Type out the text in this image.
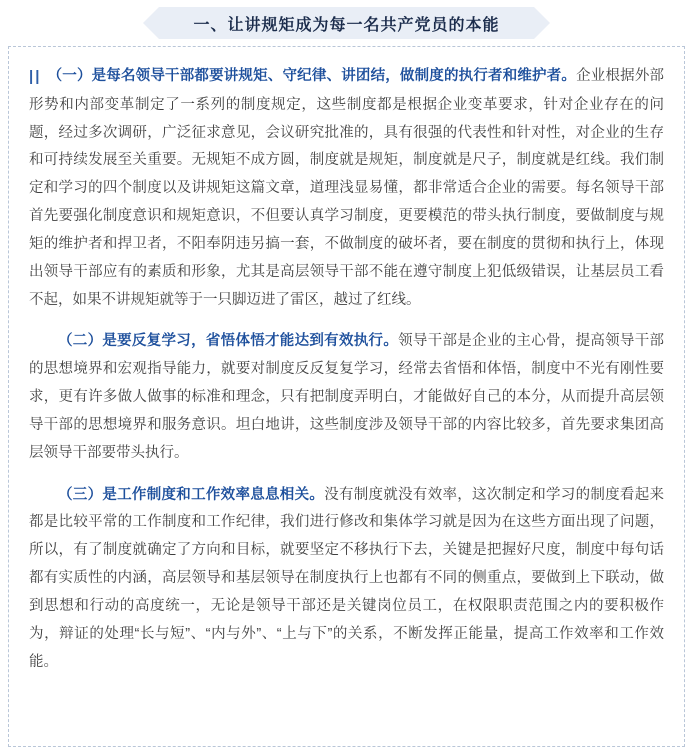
一、让讲规矩成为每一名共产党员的本能

|| （一）是每名领导干部都要讲规矩、守纪律、讲团结，做制度的执行者和维护者。企业根据外部形势和内部变革制定了一系列的制度规定，这些制度都是根据企业变革要求，针对企业存在的问题，经过多次调研，广泛征求意见，会议研究批准的，具有很强的代表性和针对性，对企业的生存和可持续发展至关重要。无规矩不成方圆，制度就是规矩，制度就是尺子，制度就是红线。我们制定和学习的四个制度以及讲规矩这篇文章，道理浅显易懂，都非常适合企业的需要。每名领导干部首先要强化制度意识和规矩意识，不但要认真学习制度，更要模范的带头执行制度，要做制度与规矩的维护者和捍卫者，不阳奉阴违另搞一套，不做制度的破坏者，要在制度的贯彻和执行上，体现出领导干部应有的素质和形象，尤其是高层领导干部不能在遵守制度上犯低级错误，让基层员工看不起，如果不讲规矩就等于一只脚迈进了雷区，越过了红线。

（二）是要反复学习，省悟体悟才能达到有效执行。领导干部是企业的主心骨，提高领导干部的思想境界和宏观指导能力，就要对制度反反复复学习，经常去省悟和体悟，制度中不光有刚性要求，更有许多做人做事的标准和理念，只有把制度弄明白，才能做好自己的本分，从而提升高层领导干部的思想境界和服务意识。坦白地讲，这些制度涉及领导干部的内容比较多，首先要求集团高层领导干部要带头执行。

（三）是工作制度和工作效率息息相关。没有制度就没有效率，这次制定和学习的制度看起来都是比较平常的工作制度和工作纪律，我们进行修改和集体学习就是因为在这些方面出现了问题，所以，有了制度就确定了方向和目标，就要坚定不移执行下去，关键是把握好尺度，制度中每句话都有实质性的内涵，高层领导和基层领导在制度执行上也都有不同的侧重点，要做到上下联动，做到思想和行动的高度统一，无论是领导干部还是关键岗位员工，在权限职责范围之内的要积极作为，辩证的处理“长与短”、“内与外”、“上与下”的关系，不断发挥正能量，提高工作效率和工作效能。
